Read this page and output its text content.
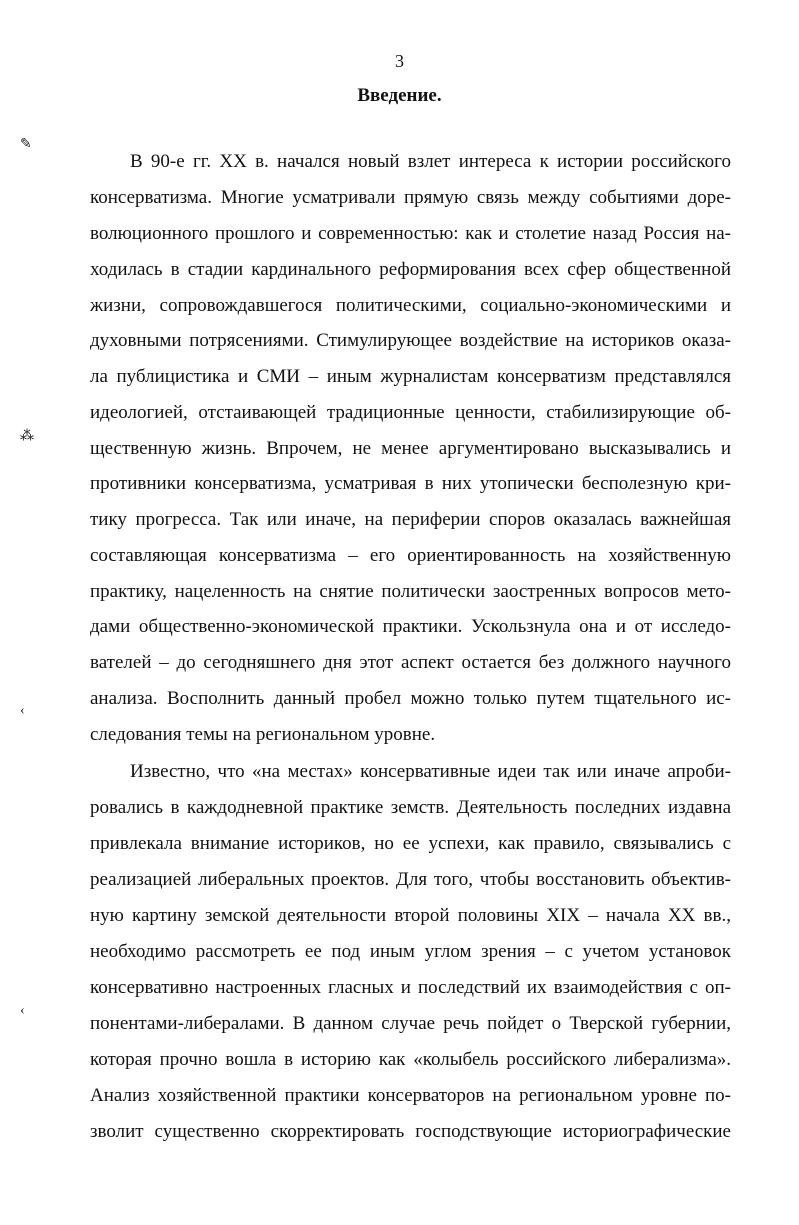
3
Введение.
✎
⁂
‹
‹
В 90-е гг. XX в. начался новый взлет интереса к истории российского
консерватизма. Многие усматривали прямую связь между событиями доре-
волюционного прошлого и современностью: как и столетие назад Россия на-
ходилась в стадии кардинального реформирования всех сфер общественной
жизни, сопровождавшегося политическими, социально-экономическими и
духовными потрясениями. Стимулирующее воздействие на историков оказа-
ла публицистика и СМИ – иным журналистам консерватизм представлялся
идеологией, отстаивающей традиционные ценности, стабилизирующие об-
щественную жизнь. Впрочем, не менее аргументировано высказывались и
противники консерватизма, усматривая в них утопически бесполезную кри-
тику прогресса. Так или иначе, на периферии споров оказалась важнейшая
составляющая консерватизма – его ориентированность на хозяйственную
практику, нацеленность на снятие политически заостренных вопросов мето-
дами общественно-экономической практики. Ускользнула она и от исследо-
вателей – до сегодняшнего дня этот аспект остается без должного научного
анализа. Восполнить данный пробел можно только путем тщательного ис-
следования темы на региональном уровне.
Известно, что «на местах» консервативные идеи так или иначе апроби-
ровались в каждодневной практике земств. Деятельность последних издавна
привлекала внимание историков, но ее успехи, как правило, связывались с
реализацией либеральных проектов. Для того, чтобы восстановить объектив-
ную картину земской деятельности второй половины XIX – начала XX вв.,
необходимо рассмотреть ее под иным углом зрения – с учетом установок
консервативно настроенных гласных и последствий их взаимодействия с оп-
понентами-либералами. В данном случае речь пойдет о Тверской губернии,
которая прочно вошла в историю как «колыбель российского либерализма».
Анализ хозяйственной практики консерваторов на региональном уровне по-
зволит существенно скорректировать господствующие историографические
